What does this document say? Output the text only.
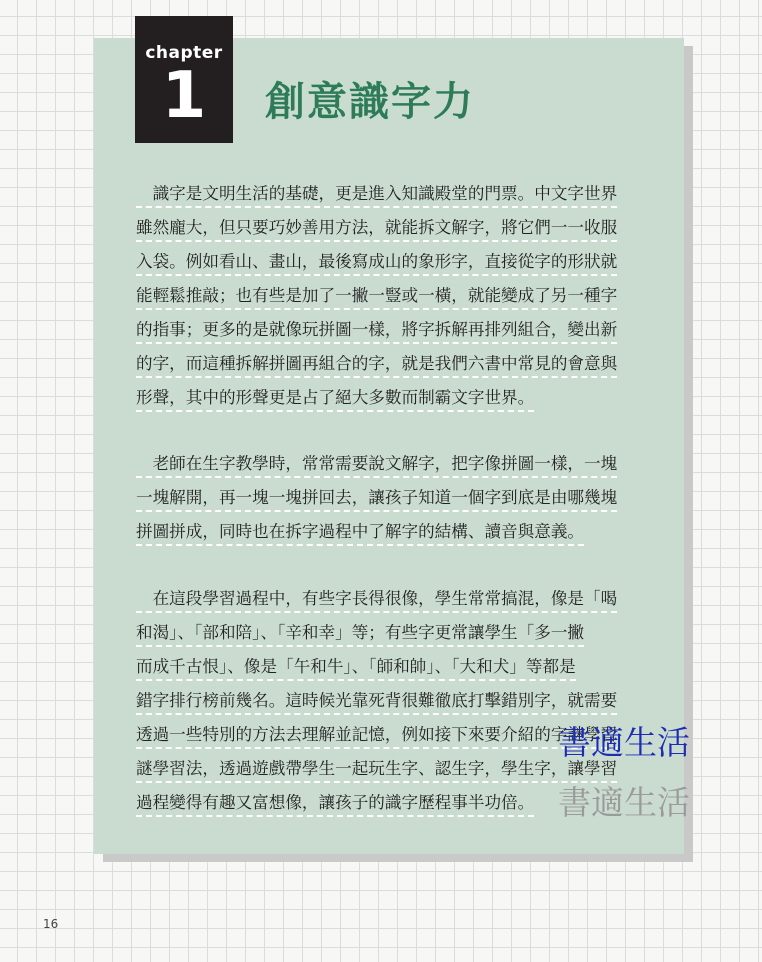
chapter
1	創意識字力
　識字是文明生活的基礎，更是進入知識殿堂的門票。中文字世界
雖然龐大，但只要巧妙善用方法，就能拆文解字，將它們一一收服
入袋。例如看山、畫山，最後寫成山的象形字，直接從字的形狀就
能輕鬆推敲；也有些是加了一撇一豎或一橫，就能變成了另一種字
的指事；更多的是就像玩拼圖一樣，將字拆解再排列組合，變出新
的字，而這種拆解拼圖再組合的字，就是我們六書中常見的會意與
形聲，其中的形聲更是占了絕大多數而制霸文字世界。
　老師在生字教學時，常常需要說文解字，把字像拼圖一樣，一塊
一塊解開，再一塊一塊拼回去，讓孩子知道一個字到底是由哪幾塊
拼圖拼成，同時也在拆字過程中了解字的結構、讀音與意義。
　在這段學習過程中，有些字長得很像，學生常常搞混，像是「喝
和渴」、「部和陪」、「辛和幸」等；有些字更常讓學生「多一撇
而成千古恨」、像是「午和牛」、「師和帥」、「大和犬」等都是
錯字排行榜前幾名。這時候光靠死背很難徹底打擊錯別字，就需要
透過一些特別的方法去理解並記憶，例如接下來要介紹的字謎學習
謎學習法，透過遊戲帶學生一起玩生字、認生字，學生字，讓學習
過程變得有趣又富想像，讓孩子的識字歷程事半功倍。
書適生活
書適生活
16
